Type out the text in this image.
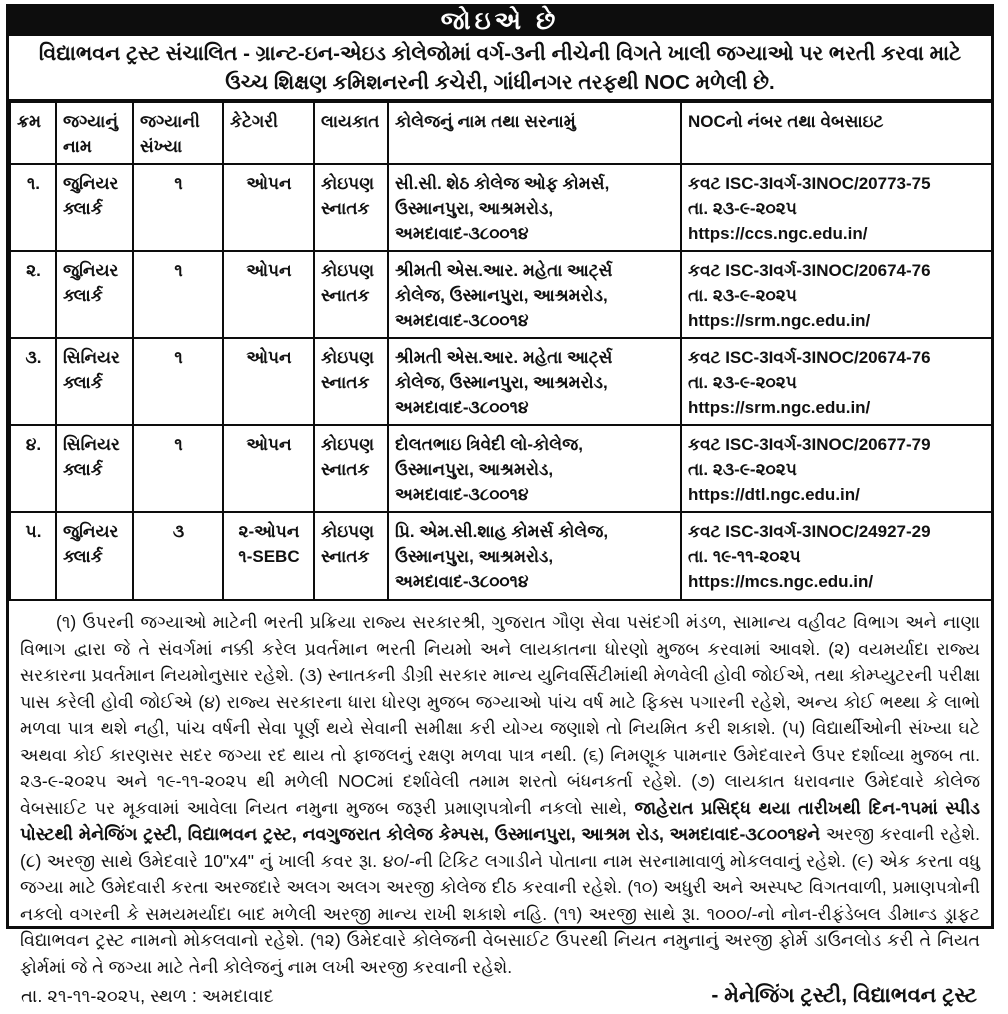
જોઇએ છે
વિદ્યાભવન ટ્રસ્ટ સંચાલિત - ગ્રાન્ટ-ઇન-એઇડ કોલેજોમાં વર્ગ-૩ની નીચેની વિગતે ખાલી જગ્યાઓ પર ભરતી કરવા માટે ઉચ્ચ શિક્ષણ કમિશનરની કચેરી, ગાંધીનગર તરફથી NOC મળેલી છે.
ક્રમ	જગ્યાનું નામ	જગ્યાની સંખ્યા	કેટેગરી	લાયકાત	કોલેજનું નામ તથા સરનામું	NOCનો નંબર તથા વેબસાઇટ
૧.	જુનિયર ક્લાર્ક	૧	ઓપન	કોઇપણ સ્નાતક	સી.સી. શેઠ કોલેજ ઓફ કોમર્સ,
ઉસ્માનપુરા, આશ્રમરોડ,
અમદાવાદ-૩૮૦૦૧૪	કવટ ISC-3Iવર્ગ-3INOC/20773-75
તા. ૨૩-૯-૨૦૨૫
https://ccs.ngc.edu.in/

૨.	જુનિયર ક્લાર્ક	૧	ઓપન	કોઇપણ સ્નાતક	શ્રીમતી એસ.આર. મહેતા આર્ટ્સ
કોલેજ, ઉસ્માનપુરા, આશ્રમરોડ,
અમદાવાદ-૩૮૦૦૧૪	કવટ ISC-3Iવર્ગ-3INOC/20674-76
તા. ૨૩-૯-૨૦૨૫
https://srm.ngc.edu.in/

૩.	સિનિયર ક્લાર્ક	૧	ઓપન	કોઇપણ સ્નાતક	શ્રીમતી એસ.આર. મહેતા આર્ટ્સ
કોલેજ, ઉસ્માનપુરા, આશ્રમરોડ,
અમદાવાદ-૩૮૦૦૧૪	કવટ ISC-3Iવર્ગ-3INOC/20674-76
તા. ૨૩-૯-૨૦૨૫
https://srm.ngc.edu.in/

૪.	સિનિયર ક્લાર્ક	૧	ઓપન	કોઇપણ સ્નાતક	દોલતભાઇ ત્રિવેદી લો-કોલેજ,
ઉસ્માનપુરા, આશ્રમરોડ,
અમદાવાદ-૩૮૦૦૧૪	કવટ ISC-3Iવર્ગ-3INOC/20677-79
તા. ૨૩-૯-૨૦૨૫
https://dtl.ngc.edu.in/

૫.	જુનિયર ક્લાર્ક	૩	૨-ઓપન
૧-SEBC	કોઇપણ સ્નાતક	પ્રિ. એમ.સી.શાહ કોમર્સ કોલેજ,
ઉસ્માનપુરા, આશ્રમરોડ,
અમદાવાદ-૩૮૦૦૧૪	કવટ ISC-3Iવર્ગ-3INOC/24927-29
તા. ૧૯-૧૧-૨૦૨૫
https://mcs.ngc.edu.in/
(૧) ઉપરની જગ્યાઓ માટેની ભરતી પ્રક્રિયા રાજ્ય સરકારશ્રી, ગુજરાત ગૌણ સેવા પસંદગી મંડળ, સામાન્ય વહીવટ વિભાગ અને નાણા વિભાગ દ્વારા જે તે સંવર્ગમાં નક્કી કરેલ પ્રવર્તમાન ભરતી નિયમો અને લાયકાતના ધોરણો મુજબ કરવામાં આવશે. (૨) વયમર્યાદા રાજ્ય સરકારના પ્રવર્તમાન નિયમોનુસાર રહેશે. (૩) સ્નાતકની ડીગ્રી સરકાર માન્ય યુનિવર્સિટીમાંથી મેળવેલી હોવી જોઈએ, તથા કોમ્પ્યુટરની પરીક્ષા પાસ કરેલી હોવી જોઈએ (૪) રાજ્ય સરકારના ધારા ધોરણ મુજબ જગ્યાઓ પાંચ વર્ષ માટે ફિક્સ પગારની રહેશે, અન્ય કોઈ ભથ્થા કે લાભો મળવા પાત્ર થશે નહી, પાંચ વર્ષની સેવા પૂર્ણ થયે સેવાની સમીક્ષા કરી યોગ્ય જણાશે તો નિયમિત કરી શકાશે. (૫) વિદ્યાર્થીઓની સંખ્યા ઘટે અથવા કોઈ કારણસર સદર જગ્યા રદ થાય તો ફાજલનું રક્ષણ મળવા પાત્ર નથી. (૬) નિમણૂક પામનાર ઉમેદવારને ઉપર દર્શાવ્યા મુજબ તા. ૨૩-૯-૨૦૨૫ અને ૧૯-૧૧-૨૦૨૫ થી મળેલી NOCમાં દર્શાવેલી તમામ શરતો બંધનકર્તા રહેશે. (૭) લાયકાત ધરાવનાર ઉમેદવારે કોલેજ વેબસાઈટ પર મૂકવામાં આવેલા નિયત નમુના મુજબ જરૂરી પ્રમાણપત્રોની નકલો સાથે, જાહેરાત પ્રસિદ્ધ થયા તારીખથી દિન-૧૫માં સ્પીડ પોસ્ટથી મેનેજિંગ ટ્રસ્ટી, વિદ્યાભવન ટ્રસ્ટ, નવગુજરાત કોલેજ કેમ્પસ, ઉસ્માનપુરા, આશ્રમ રોડ, અમદાવાદ-૩૮૦૦૧૪ને અરજી કરવાની રહેશે. (૮) અરજી સાથે ઉમેદવારે 10"x4" નું ખાલી કવર રૂા. ૪૦/-ની ટિકિટ લગાડીને પોતાના નામ સરનામાવાળું મોકલવાનું રહેશે. (૯) એક કરતા વધુ જગ્યા માટે ઉમેદવારી કરતા અરજદારે અલગ અલગ અરજી કોલેજ દીઠ કરવાની રહેશે. (૧૦) અધુરી અને અસ્પષ્ટ વિગતવાળી, પ્રમાણપત્રોની નકલો વગરની કે સમયમર્યાદા બાદ મળેલી અરજી માન્ય રાખી શકાશે નહિ. (૧૧) અરજી સાથે રૂા. ૧૦૦૦/-નો નોન-રીફંડેબલ ડીમાન્ડ ડ્રાફટ વિદ્યાભવન ટ્રસ્ટ નામનો મોકલવાનો રહેશે. (૧૨) ઉમેદવારે કોલેજની વેબસાઈટ ઉપરથી નિયત નમુનાનું અરજી ફોર્મ ડાઉનલોડ કરી તે નિયત ફોર્મમાં જે તે જગ્યા માટે તેની કોલેજનું નામ લખી અરજી કરવાની રહેશે.
તા. ૨૧-૧૧-૨૦૨૫, સ્થળ : અમદાવાદ	- મેનેજિંગ ટ્રસ્ટી, વિદ્યાભવન ટ્રસ્ટ
